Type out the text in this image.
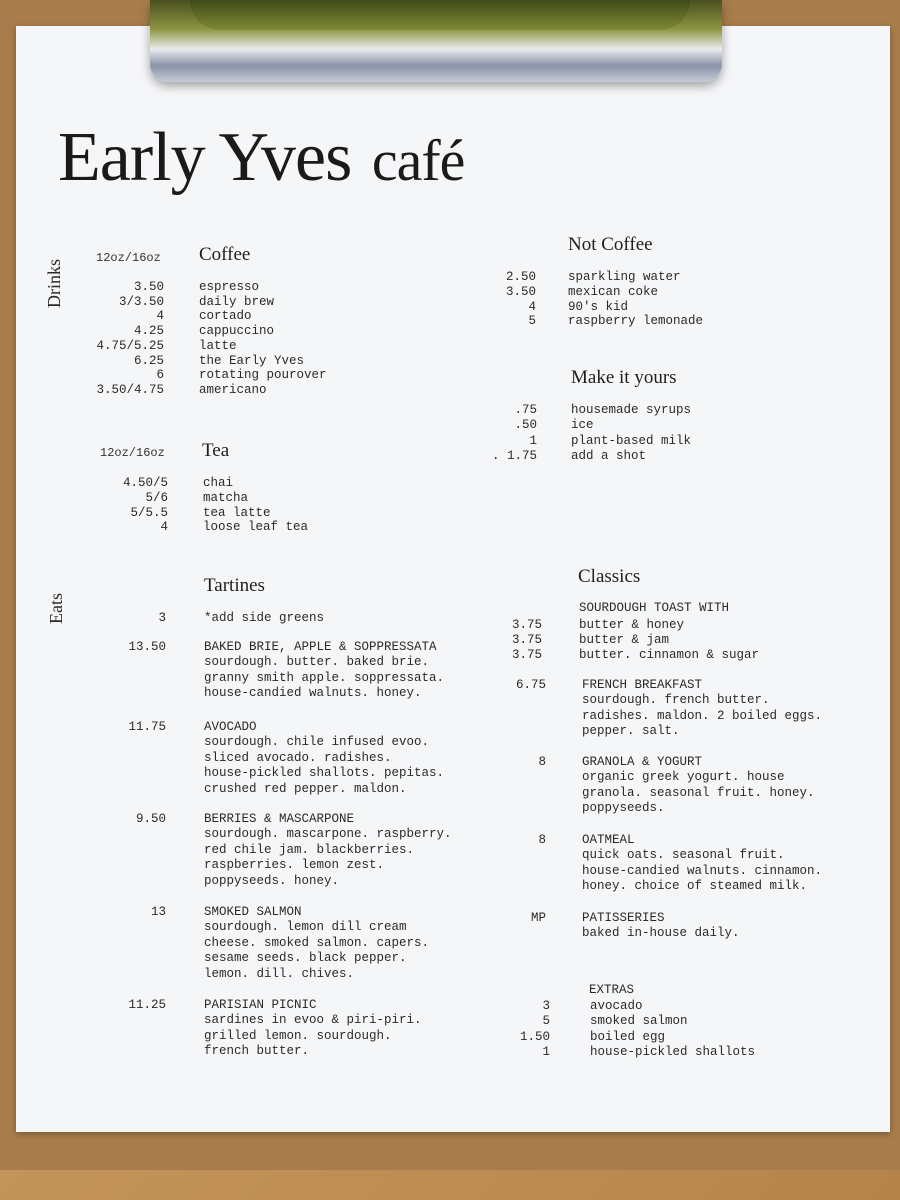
Early Yves café
Drinks
Eats
12oz/16oz Coffee
3.50	espresso
3/3.50	daily brew
4	cortado
4.25	cappuccino
4.75/5.25	latte
6.25	the Early Yves
6	rotating pourover
3.50/4.75	americano
12oz/16oz Tea
4.50/5	chai
5/6	matcha
5/5.5	tea latte
4	loose leaf tea
Not Coffee
2.50	sparkling water
3.50	mexican coke
4	90's kid
5	raspberry lemonade
Make it yours
.75	housemade syrups
.50	ice
1	plant-based milk
. 1.75	add a shot
Tartines
3	*add side greens
13.50	BAKED BRIE, APPLE & SOPPRESSATA
sourdough. butter. baked brie.
granny smith apple. soppressata.
house-candied walnuts. honey.
11.75	AVOCADO
sourdough. chile infused evoo.
sliced avocado. radishes.
house-pickled shallots. pepitas.
crushed red pepper. maldon.
9.50	BERRIES & MASCARPONE
sourdough. mascarpone. raspberry.
red chile jam. blackberries.
raspberries. lemon zest.
poppyseeds. honey.
13	SMOKED SALMON
sourdough. lemon dill cream
cheese. smoked salmon. capers.
sesame seeds. black pepper.
lemon. dill. chives.
11.25	PARISIAN PICNIC
sardines in evoo & piri-piri.
grilled lemon. sourdough.
french butter.
Classics
SOURDOUGH TOAST WITH
3.75	butter & honey
3.75	butter & jam
3.75	butter. cinnamon & sugar
6.75	FRENCH BREAKFAST
sourdough. french butter.
radishes. maldon. 2 boiled eggs.
pepper. salt.
8	GRANOLA & YOGURT
organic greek yogurt. house
granola. seasonal fruit. honey.
poppyseeds.
8	OATMEAL
quick oats. seasonal fruit.
house-candied walnuts. cinnamon.
honey. choice of steamed milk.
MP	PATISSERIES
baked in-house daily.
EXTRAS
3	avocado
5	smoked salmon
1.50	boiled egg
1	house-pickled shallots
